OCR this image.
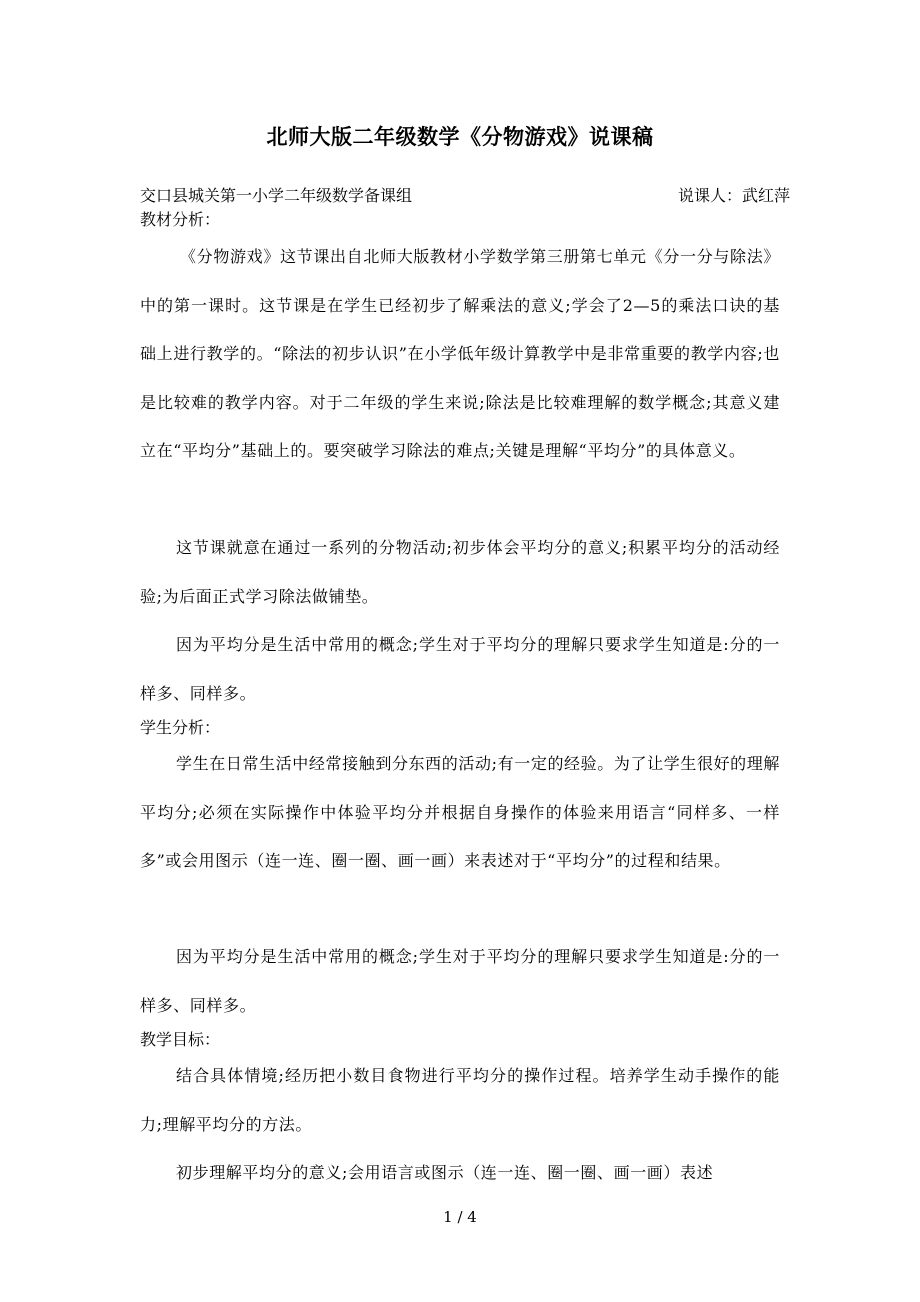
北师大版二年级数学《分物游戏》说课稿
交口县城关第一小学二年级数学备课组	说课人：武红萍
教材分析：

《分物游戏》这节课出自北师大版教材小学数学第三册第七单元《分一分与除法》中的第一课时。这节课是在学生已经初步了解乘法的意义;学会了2—5的乘法口诀的基础上进行教学的。“除法的初步认识”在小学低年级计算教学中是非常重要的教学内容;也是比较难的教学内容。对于二年级的学生来说;除法是比较难理解的数学概念;其意义建立在“平均分”基础上的。要突破学习除法的难点;关键是理解“平均分”的具体意义。

这节课就意在通过一系列的分物活动;初步体会平均分的意义;积累平均分的活动经验;为后面正式学习除法做铺垫。

因为平均分是生活中常用的概念;学生对于平均分的理解只要求学生知道是:分的一样多、同样多。

学生分析：

学生在日常生活中经常接触到分东西的活动;有一定的经验。为了让学生很好的理解平均分;必须在实际操作中体验平均分并根据自身操作的体验来用语言“同样多、一样多”或会用图示（连一连、圈一圈、画一画）来表述对于“平均分”的过程和结果。

因为平均分是生活中常用的概念;学生对于平均分的理解只要求学生知道是:分的一样多、同样多。

教学目标：

结合具体情境;经历把小数目食物进行平均分的操作过程。培养学生动手操作的能力;理解平均分的方法。

初步理解平均分的意义;会用语言或图示（连一连、圈一圈、画一画）表述

1 / 4
